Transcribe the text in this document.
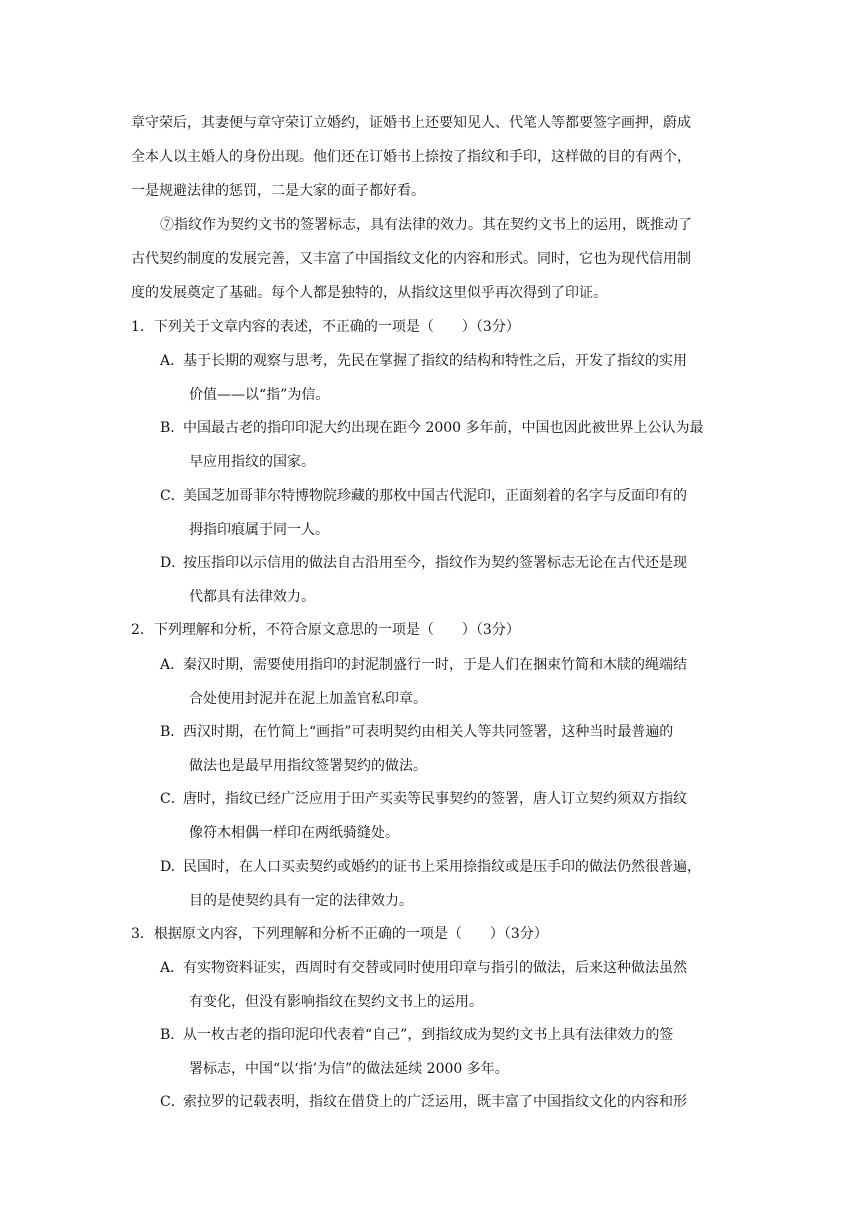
章守荣后，其妻便与章守荣订立婚约，证婚书上还要知见人、代笔人等都要签字画押，蔚成
全本人以主婚人的身份出现。他们还在订婚书上捺按了指纹和手印，这样做的目的有两个，
一是规避法律的惩罚，二是大家的面子都好看。
⑦指纹作为契约文书的签署标志，具有法律的效力。其在契约文书上的运用，既推动了
古代契约制度的发展完善，又丰富了中国指纹文化的内容和形式。同时，它也为现代信用制
度的发展奠定了基础。每个人都是独特的，从指纹这里似乎再次得到了印证。
1．下列关于文章内容的表述，不正确的一项是（　　）（3分）
A．
基于长期的观察与思考，先民在掌握了指纹的结构和特性之后，开发了指纹的实用
价值——以“指”为信。
B. 中国最古老的指印印泥大约出现在距今 2000 多年前，中国也因此被世界上公认为最
早应用指纹的国家。
C．
美国芝加哥菲尔特博物院珍藏的那枚中国古代泥印，正面刻着的名字与反面印有的
拇指印痕属于同一人。
D．
按压指印以示信用的做法自古沿用至今，指纹作为契约签署标志无论在古代还是现
代都具有法律效力。
2．下列理解和分析，不符合原文意思的一项是（　　）（3分）
A．
秦汉时期，需要使用指印的封泥制盛行一时，于是人们在捆束竹简和木牍的绳端结
合处使用封泥并在泥上加盖官私印章。
B．
西汉时期，在竹简上“画指”可表明契约由相关人等共同签署，这种当时最普遍的
做法也是最早用指纹签署契约的做法。
C．
唐时，指纹已经广泛应用于田产买卖等民事契约的签署，唐人订立契约须双方指纹
像符木相偶一样印在两纸骑缝处。
D. 民国时，在人口买卖契约或婚约的证书上采用捺指纹或是压手印的做法仍然很普遍，
目的是使契约具有一定的法律效力。
3．根据原文内容，下列理解和分析不正确的一项是（　　）（3分）
A．
有实物资料证实，西周时有交替或同时使用印章与指引的做法，后来这种做法虽然
有变化，但没有影响指纹在契约文书上的运用。
B．
从一枚古老的指印泥印代表着“自己”，到指纹成为契约文书上具有法律效力的签
署标志，中国“以‘指’为信”的做法延续 2000 多年。
C．
索拉罗的记载表明，指纹在借贷上的广泛运用，既丰富了中国指纹文化的内容和形
